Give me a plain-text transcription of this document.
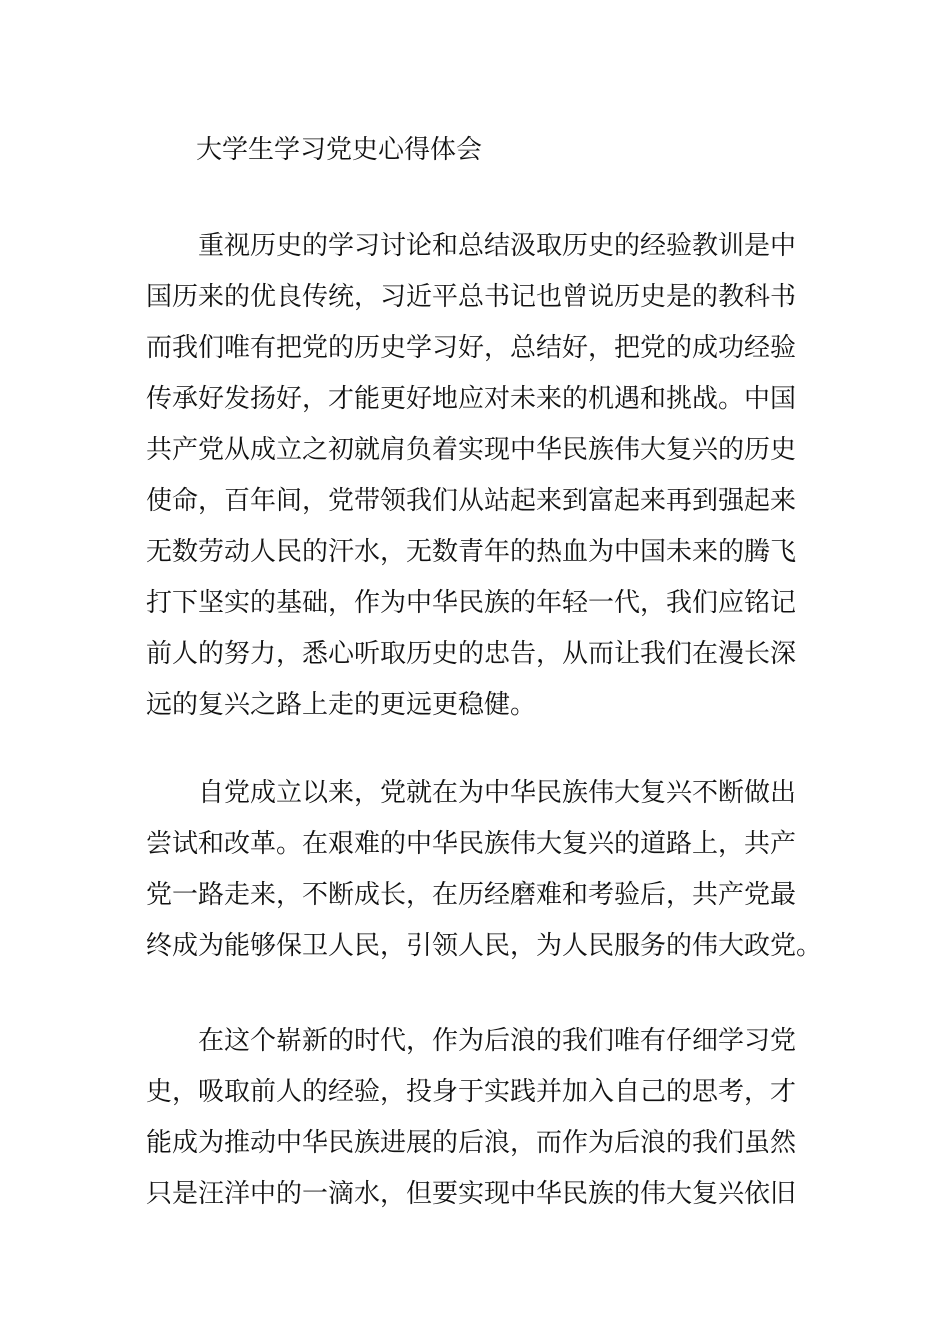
大学生学习党史心得体会
重视历史的学习讨论和总结汲取历史的经验教训是中
国历来的优良传统，习近平总书记也曾说历史是的教科书
而我们唯有把党的历史学习好，总结好，把党的成功经验
传承好发扬好，才能更好地应对未来的机遇和挑战。中国
共产党从成立之初就肩负着实现中华民族伟大复兴的历史
使命，百年间，党带领我们从站起来到富起来再到强起来
无数劳动人民的汗水，无数青年的热血为中国未来的腾飞
打下坚实的基础，作为中华民族的年轻一代，我们应铭记
前人的努力，悉心听取历史的忠告，从而让我们在漫长深
远的复兴之路上走的更远更稳健。
自党成立以来，党就在为中华民族伟大复兴不断做出
尝试和改革。在艰难的中华民族伟大复兴的道路上，共产
党一路走来，不断成长，在历经磨难和考验后，共产党最
终成为能够保卫人民，引领人民，为人民服务的伟大政党。
在这个崭新的时代，作为后浪的我们唯有仔细学习党
史，吸取前人的经验，投身于实践并加入自己的思考，才
能成为推动中华民族进展的后浪，而作为后浪的我们虽然
只是汪洋中的一滴水，但要实现中华民族的伟大复兴依旧
